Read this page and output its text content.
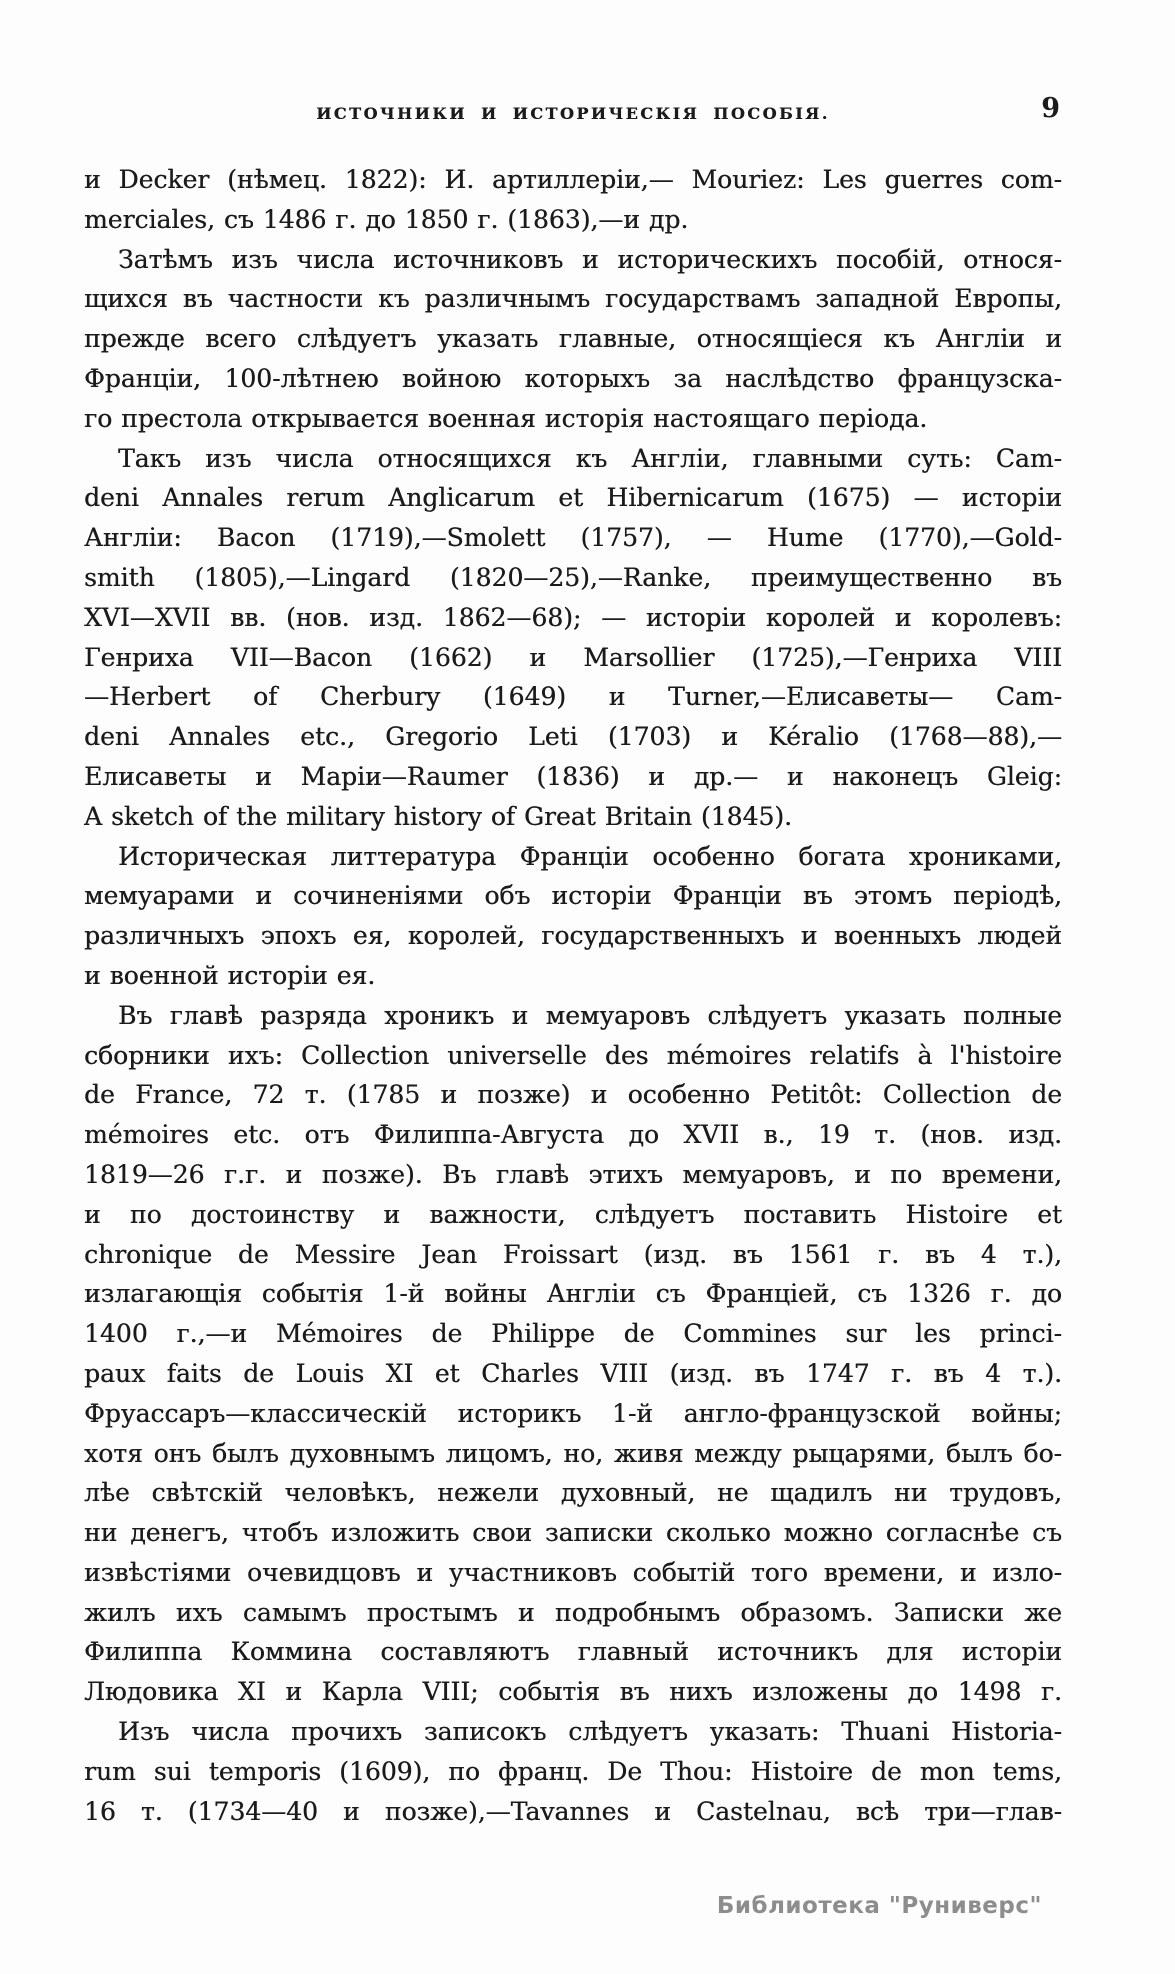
ИСТОЧНИКИ И ИСТОРИЧЕСКІЯ ПОСОБІЯ.	9
и Decker (нѣмец. 1822): И. артиллеріи,— Mouriez: Les guerres com-
merciales, съ 1486 г. до 1850 г. (1863),—и др.
Затѣмъ изъ числа источниковъ и историческихъ пособій, относя-
щихся въ частности къ различнымъ государствамъ западной Европы,
прежде всего слѣдуетъ указать главные, относящіеся къ Англіи и
Франціи, 100-лѣтнею войною которыхъ за наслѣдство французска-
го престола открывается военная исторія настоящаго періода.
Такъ изъ числа относящихся къ Англіи, главными суть: Cam-
deni Annales rerum Anglicarum et Hibernicarum (1675) — исторіи
Англіи: Bacon (1719),—Smolett (1757), — Hume (1770),—Gold-
smith (1805),—Lingard (1820—25),—Ranke, преимущественно въ
XVI—XVII вв. (нов. изд. 1862—68); — исторіи королей и королевъ:
Генриха VII—Bacon (1662) и Marsollier (1725),—Генриха VIII
—Herbert of Cherbury (1649) и Turner,—Елисаветы— Cam-
deni Annales etc., Gregorio Leti (1703) и Kéralio (1768—88),—
Елисаветы и Маріи—Raumer (1836) и др.— и наконецъ Gleig:
A sketch of the military history of Great Britain (1845).
Историческая литтература Франціи особенно богата хрониками,
мемуарами и сочиненіями объ исторіи Франціи въ этомъ періодѣ,
различныхъ эпохъ ея, королей, государственныхъ и военныхъ людей
и военной исторіи ея.
Въ главѣ разряда хроникъ и мемуаровъ слѣдуетъ указать полные
сборники ихъ: Collection universelle des mémoires relatifs à l'histoire
de France, 72 т. (1785 и позже) и особенно Petitôt: Collection de
mémoires etc. отъ Филиппа-Августа до XVII в., 19 т. (нов. изд.
1819—26 г.г. и позже). Въ главѣ этихъ мемуаровъ, и по времени,
и по достоинству и важности, слѣдуетъ поставить Histoire et
chronique de Messire Jean Froissart (изд. въ 1561 г. въ 4 т.),
излагающія событія 1-й войны Англіи съ Франціей, съ 1326 г. до
1400 г.,—и Mémoires de Philippe de Commines sur les princi-
paux faits de Louis XI et Charles VIII (изд. въ 1747 г. въ 4 т.).
Фруассаръ—классическій историкъ 1-й англо-французской войны;
хотя онъ былъ духовнымъ лицомъ, но, живя между рыцарями, былъ бо-
лѣе свѣтскій человѣкъ, нежели духовный, не щадилъ ни трудовъ,
ни денегъ, чтобъ изложить свои записки сколько можно согласнѣе съ
извѣстіями очевидцовъ и участниковъ событій того времени, и изло-
жилъ ихъ самымъ простымъ и подробнымъ образомъ. Записки же
Филиппа Коммина составляютъ главный источникъ для исторіи
Людовика XI и Карла VIII; событія въ нихъ изложены до 1498 г.
Изъ числа прочихъ записокъ слѣдуетъ указать: Thuani Historia-
rum sui temporis (1609), по франц. De Thou: Histoire de mon tems,
16 т. (1734—40 и позже),—Tavannes и Castelnau, всѣ три—глав-
Библиотека "Руниверс"
